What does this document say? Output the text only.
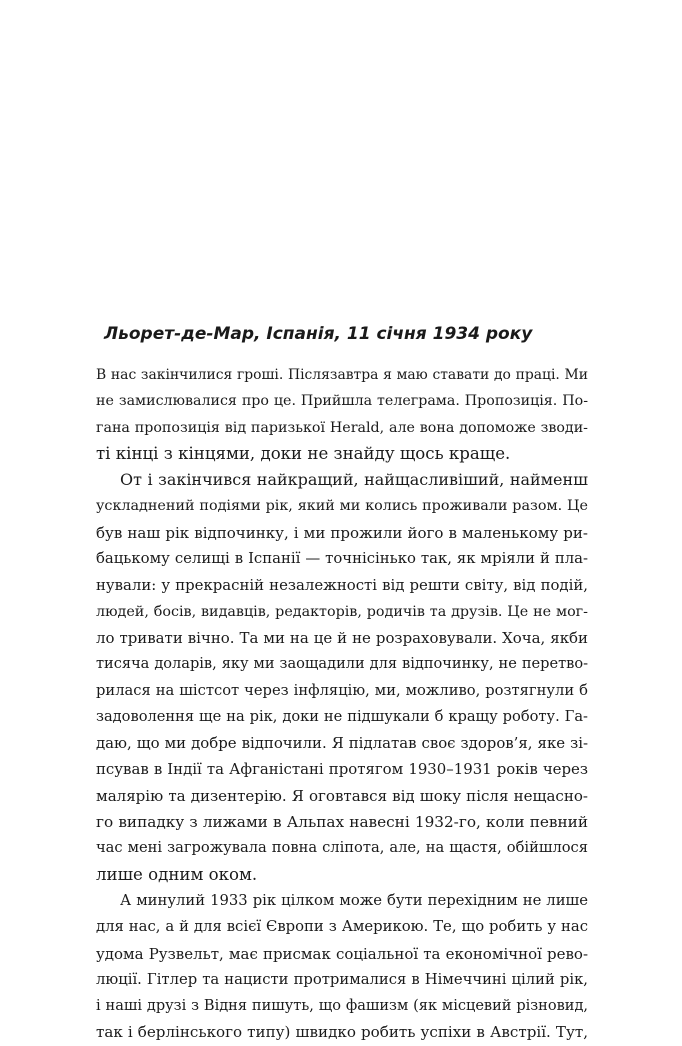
Льорет-де-Мар, Іспанія, 11 січня 1934 року
В нас закінчилися гроші. Післязавтра я маю ставати до праці. Ми
не замислювалися про це. Прийшла телеграма. Пропозиція. По-
гана пропозиція від паризької Herald, але вона допоможе зводи-
ті кінці з кінцями, доки не знайду щось краще.
От і закінчився найкращий, найщасливіший, найменш
ускладнений подіями рік, який ми колись проживали разом. Це
був наш рік відпочинку, і ми прожили його в маленькому ри-
бацькому селищі в Іспанії — точнісінько так, як мріяли й пла-
нували: у прекрасній незалежності від решти світу, від подій,
людей, босів, видавців, редакторів, родичів та друзів. Це не мог-
ло тривати вічно. Та ми на це й не розраховували. Хоча, якби
тисяча доларів, яку ми заощадили для відпочинку, не перетво-
рилася на шістсот через інфляцію, ми, можливо, розтягнули б
задоволення ще на рік, доки не підшукали б кращу роботу. Га-
даю, що ми добре відпочили. Я підлатав своє здоров’я, яке зі-
псував в Індії та Афганістані протягом 1930–1931 років через
малярію та дизентерію. Я оговтався від шоку після нещасно-
го випадку з лижами в Альпах навесні 1932-го, коли певний
час мені загрожувала повна сліпота, але, на щастя, обійшлося
лише одним оком.
А минулий 1933 рік цілком може бути перехідним не лише
для нас, а й для всієї Європи з Америкою. Те, що робить у нас
удома Рузвельт, має присмак соціальної та економічної рево-
люції. Гітлер та нацисти протрималися в Німеччині цілий рік,
і наші друзі з Відня пишуть, що фашизм (як місцевий різновид,
так і берлінського типу) швидко робить успіхи в Австрії. Тут,
